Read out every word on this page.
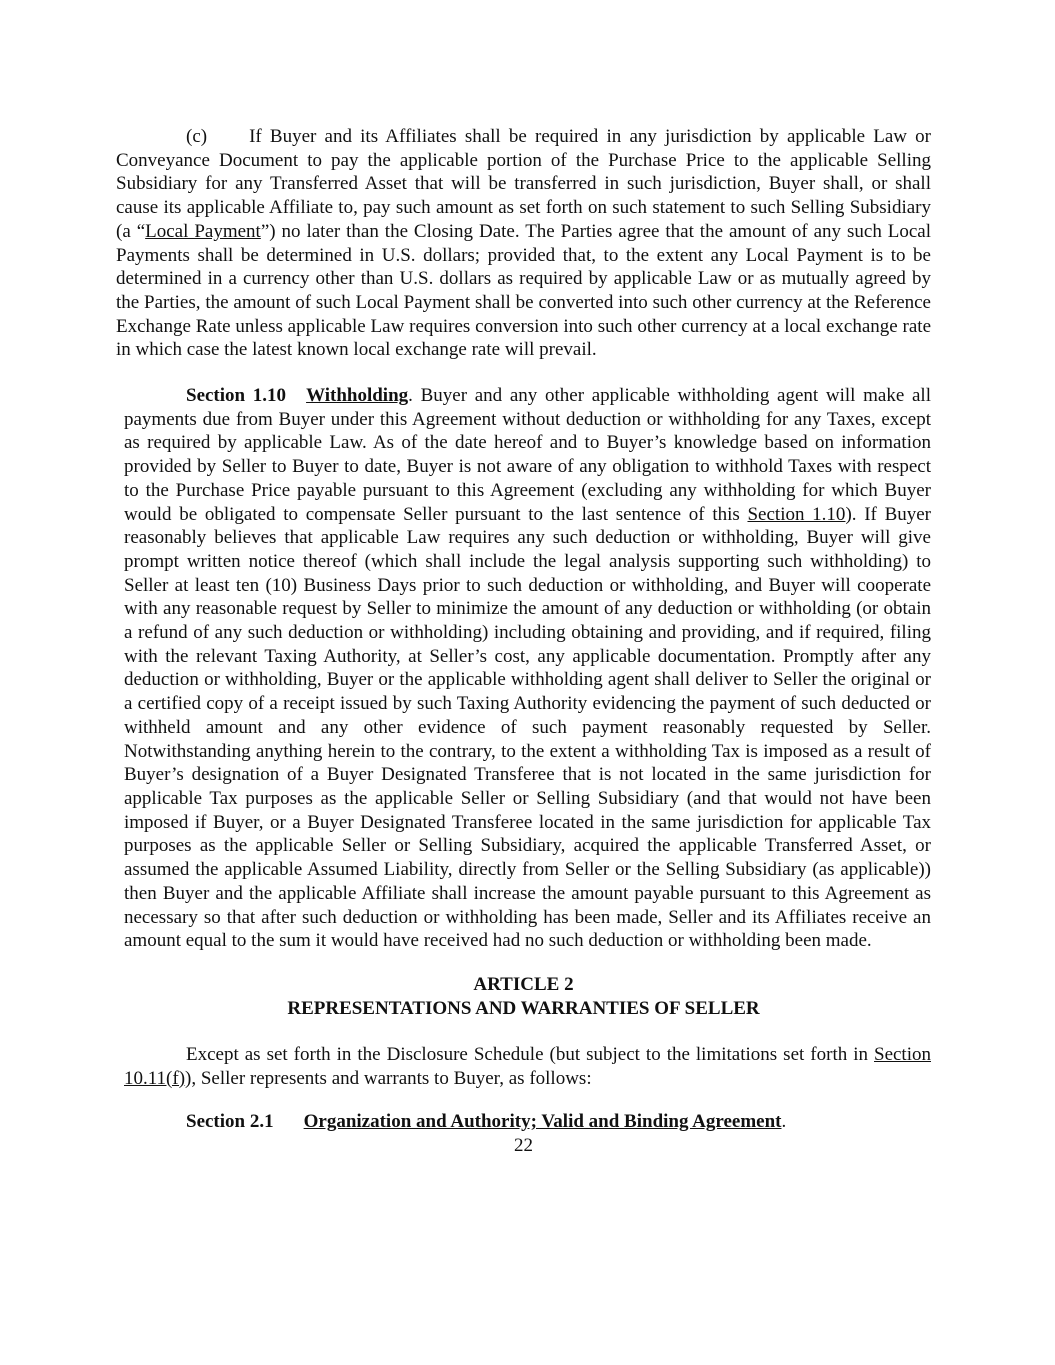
(c) If Buyer and its Affiliates shall be required in any jurisdiction by applicable Law or Conveyance Document to pay the applicable portion of the Purchase Price to the applicable Selling Subsidiary for any Transferred Asset that will be transferred in such jurisdiction, Buyer shall, or shall cause its applicable Affiliate to, pay such amount as set forth on such statement to such Selling Subsidiary (a “Local Payment”) no later than the Closing Date. The Parties agree that the amount of any such Local Payments shall be determined in U.S. dollars; provided that, to the extent any Local Payment is to be determined in a currency other than U.S. dollars as required by applicable Law or as mutually agreed by the Parties, the amount of such Local Payment shall be converted into such other currency at the Reference Exchange Rate unless applicable Law requires conversion into such other currency at a local exchange rate in which case the latest known local exchange rate will prevail.

Section 1.10 Withholding. Buyer and any other applicable withholding agent will make all payments due from Buyer under this Agreement without deduction or withholding for any Taxes, except as required by applicable Law. As of the date hereof and to Buyer’s knowledge based on information provided by Seller to Buyer to date, Buyer is not aware of any obligation to withhold Taxes with respect to the Purchase Price payable pursuant to this Agreement (excluding any withholding for which Buyer would be obligated to compensate Seller pursuant to the last sentence of this Section 1.10). If Buyer reasonably believes that applicable Law requires any such deduction or withholding, Buyer will give prompt written notice thereof (which shall include the legal analysis supporting such withholding) to Seller at least ten (10) Business Days prior to such deduction or withholding, and Buyer will cooperate with any reasonable request by Seller to minimize the amount of any deduction or withholding (or obtain a refund of any such deduction or withholding) including obtaining and providing, and if required, filing with the relevant Taxing Authority, at Seller’s cost, any applicable documentation. Promptly after any deduction or withholding, Buyer or the applicable withholding agent shall deliver to Seller the original or a certified copy of a receipt issued by such Taxing Authority evidencing the payment of such deducted or withheld amount and any other evidence of such payment reasonably requested by Seller. Notwithstanding anything herein to the contrary, to the extent a withholding Tax is imposed as a result of Buyer’s designation of a Buyer Designated Transferee that is not located in the same jurisdiction for applicable Tax purposes as the applicable Seller or Selling Subsidiary (and that would not have been imposed if Buyer, or a Buyer Designated Transferee located in the same jurisdiction for applicable Tax purposes as the applicable Seller or Selling Subsidiary, acquired the applicable Transferred Asset, or assumed the applicable Assumed Liability, directly from Seller or the Selling Subsidiary (as applicable)) then Buyer and the applicable Affiliate shall increase the amount payable pursuant to this Agreement as necessary so that after such deduction or withholding has been made, Seller and its Affiliates receive an amount equal to the sum it would have received had no such deduction or withholding been made.

ARTICLE 2
REPRESENTATIONS AND WARRANTIES OF SELLER

Except as set forth in the Disclosure Schedule (but subject to the limitations set forth in Section 10.11(f)), Seller represents and warrants to Buyer, as follows:

Section 2.1 Organization and Authority; Valid and Binding Agreement.

22
